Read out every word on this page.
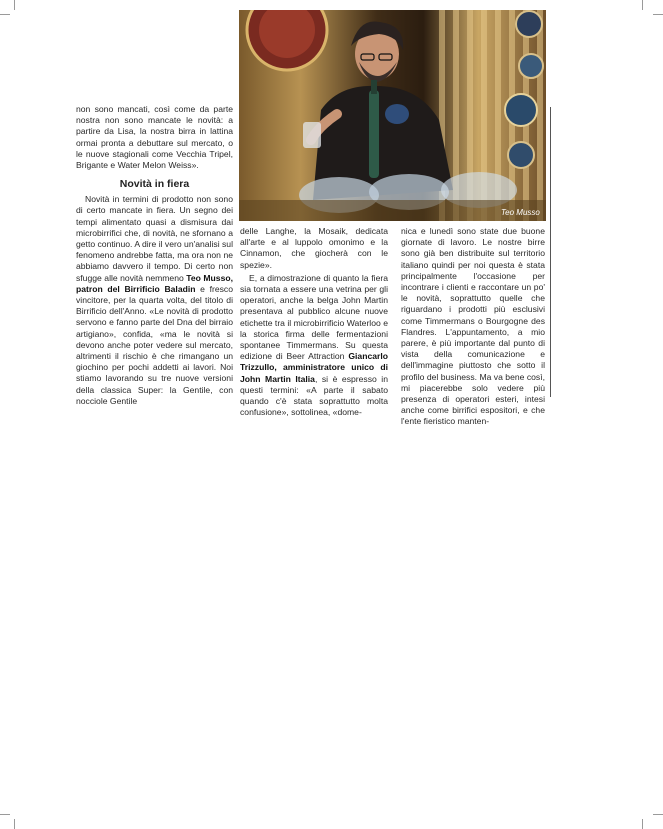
Teo Musso

non sono mancati, così come da parte nostra non sono mancate le novità: a partire da Lisa, la nostra birra in lattina ormai pronta a debuttare sul mercato, o le nuove stagionali come Vecchia Tripel, Brigante e Water Melon Weiss».

Novità in fiera

Novità in termini di prodotto non sono di certo mancate in fiera. Un segno dei tempi alimentato quasi a dismisura dai microbirrifici che, di novità, ne sfornano a getto continuo. A dire il vero un'analisi sul fenomeno andrebbe fatta, ma ora non ne abbiamo davvero il tempo. Di certo non sfugge alle novità nemmeno Teo Musso, patron del Birrificio Baladin e fresco vincitore, per la quarta volta, del titolo di Birrificio dell'Anno. «Le novità di prodotto servono e fanno parte del Dna del birraio artigiano», confida, «ma le novità si devono anche poter vedere sul mercato, altrimenti il rischio è che rimangano un giochino per pochi addetti ai lavori. Noi stiamo lavorando su tre nuove versioni della classica Super: la Gentile, con nocciole Gentile

delle Langhe, la Mosaik, dedicata all'arte e al luppolo omonimo e la Cinnamon, che giocherà con le spezie».

E, a dimostrazione di quanto la fiera sia tornata a essere una vetrina per gli operatori, anche la belga John Martin presentava al pubblico alcune nuove etichette tra il microbirrificio Waterloo e la storica firma delle fermentazioni spontanee Timmermans. Su questa edizione di Beer Attraction Giancarlo Trizzullo, amministratore unico di John Martin Italia, si è espresso in questi termini: «A parte il sabato quando c'è stata soprattutto molta confusione», sottolinea, «dome-

nica e lunedì sono state due buone giornate di lavoro. Le nostre birre sono già ben distribuite sul territorio italiano quindi per noi questa è stata principalmente l'occasione per incontrare i clienti e raccontare un po' le novità, soprattutto quelle che riguardano i prodotti più esclusivi come Timmermans o Bourgogne des Flandres. L'appuntamento, a mio parere, è più importante dal punto di vista della comunicazione e dell'immagine piuttosto che sotto il profilo del business. Ma va bene così, mi piacerebbe solo vedere più presenza di operatori esteri, intesi anche come birrifici espositori, e che l'ente fieristico manten-
